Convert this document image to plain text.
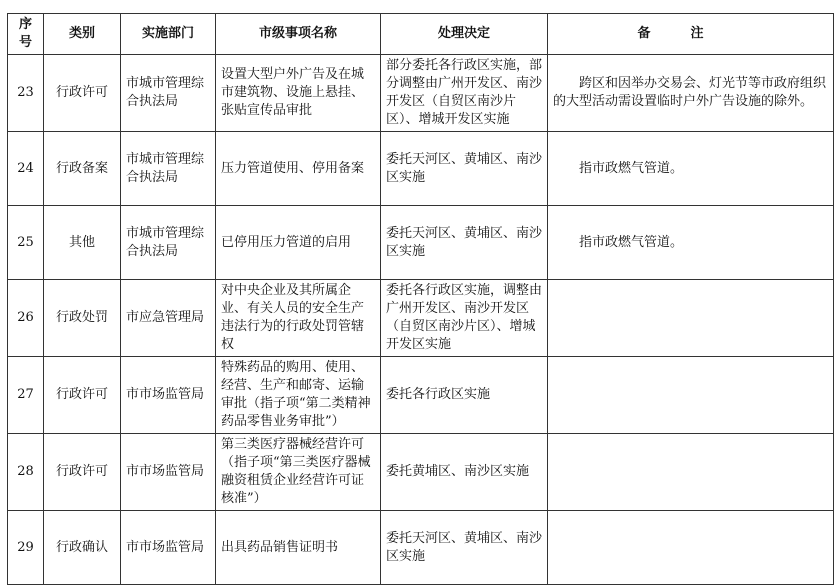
序号	类别	实施部门	市级事项名称	处理决定	备注
23	行政许可	市城市管理综合执法局	设置大型户外广告及在城市建筑物、设施上悬挂、张贴宣传品审批	部分委托各行政区实施，部分调整由广州开发区、南沙开发区（自贸区南沙片区）、增城开发区实施	跨区和因举办交易会、灯光节等市政府组织的大型活动需设置临时户外广告设施的除外。
24	行政备案	市城市管理综合执法局	压力管道使用、停用备案	委托天河区、黄埔区、南沙区实施	指市政燃气管道。
25	其他	市城市管理综合执法局	已停用压力管道的启用	委托天河区、黄埔区、南沙区实施	指市政燃气管道。
26	行政处罚	市应急管理局	对中央企业及其所属企业、有关人员的安全生产违法行为的行政处罚管辖权	委托各行政区实施，调整由广州开发区、南沙开发区（自贸区南沙片区）、增城开发区实施	
27	行政许可	市市场监管局	特殊药品的购用、使用、经营、生产和邮寄、运输审批（指子项“第二类精神药品零售业务审批”）	委托各行政区实施	
28	行政许可	市市场监管局	第三类医疗器械经营许可（指子项“第三类医疗器械融资租赁企业经营许可证核准”）	委托黄埔区、南沙区实施	
29	行政确认	市市场监管局	出具药品销售证明书	委托天河区、黄埔区、南沙区实施	
